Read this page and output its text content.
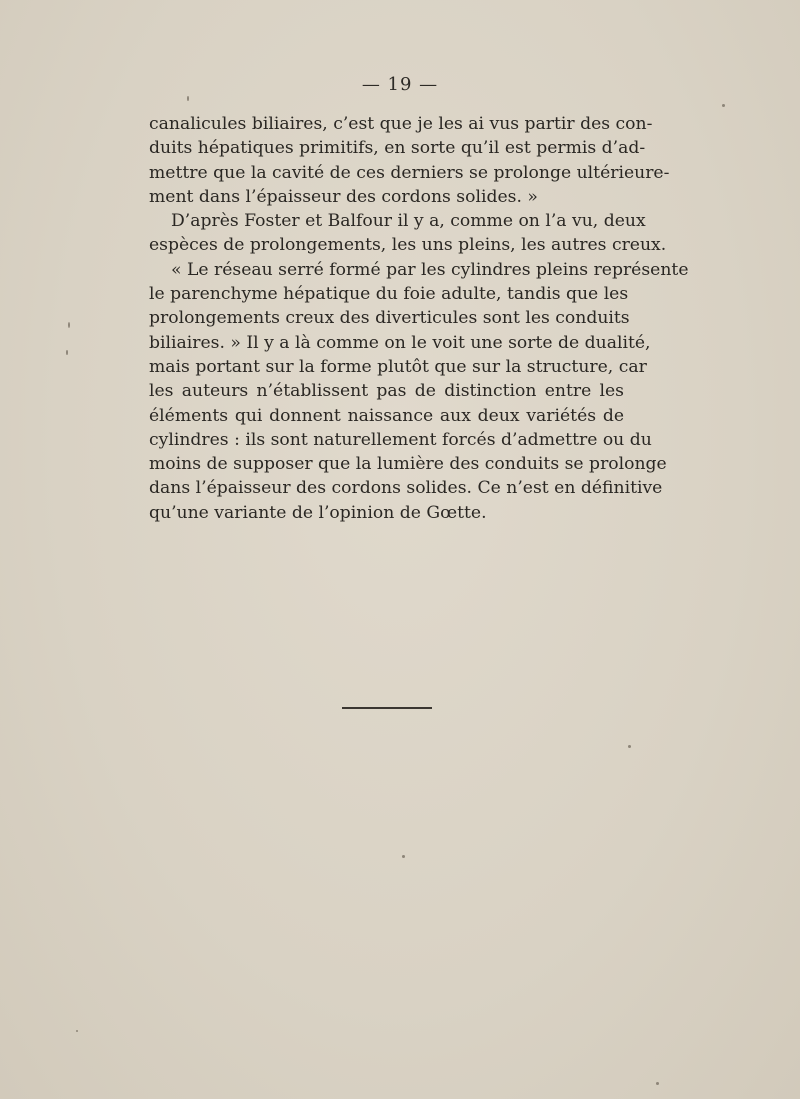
— 19 —
canalicules biliaires, c’est que je les ai vus partir des con-
duits hépatiques primitifs, en sorte qu’il est permis d’ad-
mettre que la cavité de ces derniers se prolonge ultérieure-
ment dans l’épaisseur des cordons solides. »
D’après Foster et Balfour il y a, comme on l’a vu, deux
espèces de prolongements, les uns pleins, les autres creux.
« Le réseau serré formé par les cylindres pleins représente
le parenchyme hépatique du foie adulte, tandis que les
prolongements creux des diverticules sont les conduits
biliaires. » Il y a là comme on le voit une sorte de dualité,
mais portant sur la forme plutôt que sur la structure, car
les auteurs n’établissent pas de distinction entre les
éléments qui donnent naissance aux deux variétés de
cylindres : ils sont naturellement forcés d’admettre ou du
moins de supposer que la lumière des conduits se prolonge
dans l’épaisseur des cordons solides. Ce n’est en définitive
qu’une variante de l’opinion de Gœtte.
